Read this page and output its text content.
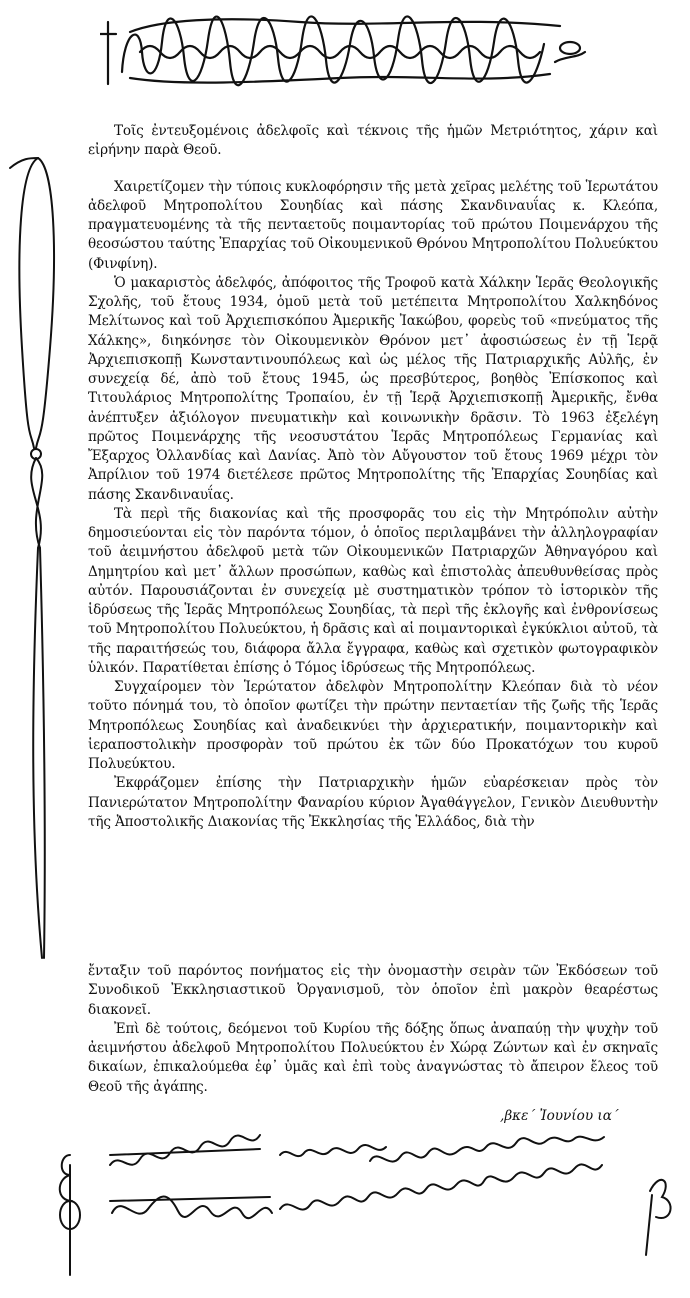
Τοῖς ἐντευξομένοις ἀδελφοῖς καὶ τέκνοις τῆς ἡμῶν Μετριότητος, χάριν καὶ εἰρήνην παρὰ Θεοῦ.

Χαιρετίζομεν τὴν τύποις κυκλοφόρησιν τῆς μετὰ χεῖρας μελέτης τοῦ Ἱερωτάτου ἀδελφοῦ Μητροπολίτου Σουηδίας καὶ πάσης Σκανδιναυΐας κ. Κλεόπα, πραγματευομένης τὰ τῆς πενταετοῦς ποιμαντορίας τοῦ πρώτου Ποιμενάρχου τῆς θεοσώστου ταύτης Ἐπαρχίας τοῦ Οἰκουμενικοῦ Θρόνου Μητροπολίτου Πολυεύκτου (Φινφίνη).

Ὁ μακαριστὸς ἀδελφός, ἀπόφοιτος τῆς Τροφοῦ κατὰ Χάλκην Ἱερᾶς Θεολογικῆς Σχολῆς, τοῦ ἔτους 1934, ὁμοῦ μετὰ τοῦ μετέπειτα Μητροπολίτου Χαλκηδόνος Μελίτωνος καὶ τοῦ Ἀρχιεπισκόπου Ἀμερικῆς Ἰακώβου, φορεὺς τοῦ «πνεύματος τῆς Χάλκης», διηκόνησε τὸν Οἰκουμενικὸν Θρόνον μετ᾽ ἀφοσιώσεως ἐν τῇ Ἱερᾷ Ἀρχιεπισκοπῇ Κωνσταντινουπόλεως καὶ ὡς μέλος τῆς Πατριαρχικῆς Αὐλῆς, ἐν συνεχείᾳ δέ, ἀπὸ τοῦ ἔτους 1945, ὡς πρεσβύτερος, βοηθὸς Ἐπίσκοπος καὶ Τιτουλάριος Μητροπολίτης Τροπαίου, ἐν τῇ Ἱερᾷ Ἀρχιεπισκοπῇ Ἀμερικῆς, ἔνθα ἀνέπτυξεν ἀξιόλογον πνευματικὴν καὶ κοινωνικὴν δρᾶσιν. Τὸ 1963 ἐξελέγη πρῶτος Ποιμενάρχης τῆς νεοσυστάτου Ἱερᾶς Μητροπόλεως Γερμανίας καὶ Ἔξαρχος Ὀλλανδίας καὶ Δανίας. Ἀπὸ τὸν Αὔγουστον τοῦ ἔτους 1969 μέχρι τὸν Ἀπρίλιον τοῦ 1974 διετέλεσε πρῶτος Μητροπολίτης τῆς Ἐπαρχίας Σουηδίας καὶ πάσης Σκανδιναυΐας.

Τὰ περὶ τῆς διακονίας καὶ τῆς προσφορᾶς του εἰς τὴν Μητρόπολιν αὐτὴν δημοσιεύονται εἰς τὸν παρόντα τόμον, ὁ ὁποῖος περιλαμβάνει τὴν ἀλληλογραφίαν τοῦ ἀειμνήστου ἀδελφοῦ μετὰ τῶν Οἰκουμενικῶν Πατριαρχῶν Ἀθηναγόρου καὶ Δημητρίου καὶ μετ᾽ ἄλλων προσώπων, καθὼς καὶ ἐπιστολὰς ἀπευθυνθείσας πρὸς αὐτόν. Παρουσιάζονται ἐν συνεχείᾳ μὲ συστηματικὸν τρόπον τὸ ἱστορικὸν τῆς ἱδρύσεως τῆς Ἱερᾶς Μητροπόλεως Σουηδίας, τὰ περὶ τῆς ἐκλογῆς καὶ ἐνθρονίσεως τοῦ Μητροπολίτου Πολυεύκτου, ἡ δρᾶσις καὶ αἱ ποιμαντορικαὶ ἐγκύκλιοι αὐτοῦ, τὰ τῆς παραιτήσεώς του, διάφορα ἄλλα ἔγγραφα, καθὼς καὶ σχετικὸν φωτογραφικὸν ὑλικόν. Παρατίθεται ἐπίσης ὁ Τόμος ἱδρύσεως τῆς Μητροπόλεως.

Συγχαίρομεν τὸν Ἱερώτατον ἀδελφὸν Μητροπολίτην Κλεόπαν διὰ τὸ νέον τοῦτο πόνημά του, τὸ ὁποῖον φωτίζει τὴν πρώτην πενταετίαν τῆς ζωῆς τῆς Ἱερᾶς Μητροπόλεως Σουηδίας καὶ ἀναδεικνύει τὴν ἀρχιερατικήν, ποιμαντορικὴν καὶ ἱεραποστολικὴν προσφορὰν τοῦ πρώτου ἐκ τῶν δύο Προκατόχων του κυροῦ Πολυεύκτου.

Ἐκφράζομεν ἐπίσης τὴν Πατριαρχικὴν ἡμῶν εὐαρέσκειαν πρὸς τὸν Πανιερώτατον Μητροπολίτην Φαναρίου κύριον Ἀγαθάγγελον, Γενικὸν Διευθυντὴν τῆς Ἀποστολικῆς Διακονίας τῆς Ἐκκλησίας τῆς Ἑλλάδος, διὰ τὴν

ἔνταξιν τοῦ παρόντος πονήματος εἰς τὴν ὀνομαστὴν σειρὰν τῶν Ἐκδόσεων τοῦ Συνοδικοῦ Ἐκκλησιαστικοῦ Ὀργανισμοῦ, τὸν ὁποῖον ἐπὶ μακρὸν θεαρέστως διακονεῖ.

Ἐπὶ δὲ τούτοις, δεόμενοι τοῦ Κυρίου τῆς δόξης ὅπως ἀναπαύῃ τὴν ψυχὴν τοῦ ἀειμνήστου ἀδελφοῦ Μητροπολίτου Πολυεύκτου ἐν Χώρᾳ Ζώντων καὶ ἐν σκηναῖς δικαίων, ἐπικαλούμεθα ἐφ᾽ ὑμᾶς καὶ ἐπὶ τοὺς ἀναγνώστας τὸ ἄπειρον ἔλεος τοῦ Θεοῦ τῆς ἀγάπης.

,βκε´ Ἰουνίου ια´
